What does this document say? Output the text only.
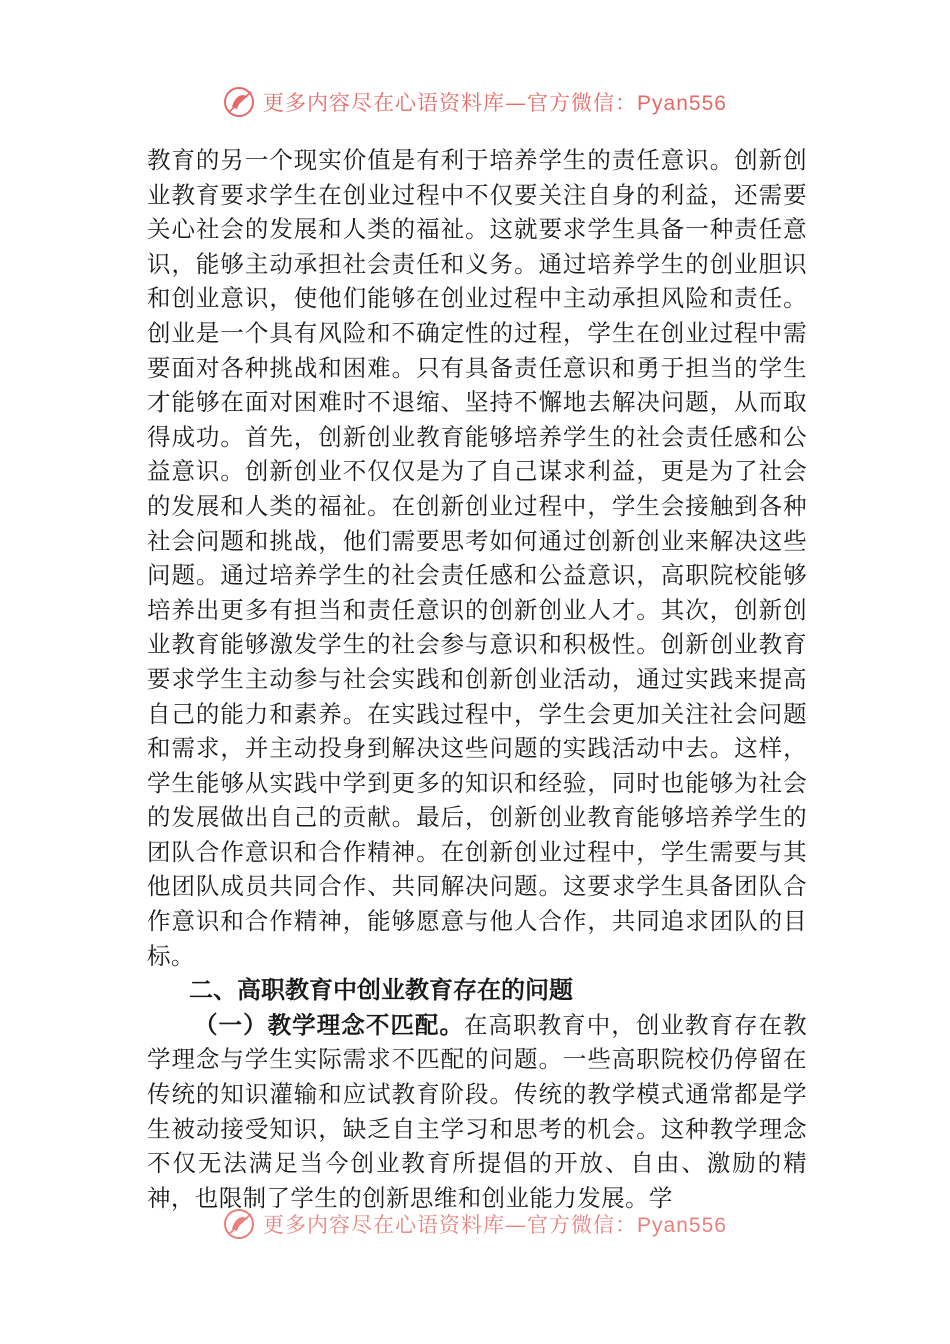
更多内容尽在心语资料库—官方微信：Pyan556

教育的另一个现实价值是有利于培养学生的责任意识。创新创业教育要求学生在创业过程中不仅要关注自身的利益，还需要关心社会的发展和人类的福祉。这就要求学生具备一种责任意识，能够主动承担社会责任和义务。通过培养学生的创业胆识和创业意识，使他们能够在创业过程中主动承担风险和责任。创业是一个具有风险和不确定性的过程，学生在创业过程中需要面对各种挑战和困难。只有具备责任意识和勇于担当的学生才能够在面对困难时不退缩、坚持不懈地去解决问题，从而取得成功。首先，创新创业教育能够培养学生的社会责任感和公益意识。创新创业不仅仅是为了自己谋求利益，更是为了社会的发展和人类的福祉。在创新创业过程中，学生会接触到各种社会问题和挑战，他们需要思考如何通过创新创业来解决这些问题。通过培养学生的社会责任感和公益意识，高职院校能够培养出更多有担当和责任意识的创新创业人才。其次，创新创业教育能够激发学生的社会参与意识和积极性。创新创业教育要求学生主动参与社会实践和创新创业活动，通过实践来提高自己的能力和素养。在实践过程中，学生会更加关注社会问题和需求，并主动投身到解决这些问题的实践活动中去。这样，学生能够从实践中学到更多的知识和经验，同时也能够为社会的发展做出自己的贡献。最后，创新创业教育能够培养学生的团队合作意识和合作精神。在创新创业过程中，学生需要与其他团队成员共同合作、共同解决问题。这要求学生具备团队合作意识和合作精神，能够愿意与他人合作，共同追求团队的目标。

二、高职教育中创业教育存在的问题

（一）教学理念不匹配。在高职教育中，创业教育存在教学理念与学生实际需求不匹配的问题。一些高职院校仍停留在传统的知识灌输和应试教育阶段。传统的教学模式通常都是学生被动接受知识，缺乏自主学习和思考的机会。这种教学理念不仅无法满足当今创业教育所提倡的开放、自由、激励的精神，也限制了学生的创新思维和创业能力发展。学

更多内容尽在心语资料库—官方微信：Pyan556
